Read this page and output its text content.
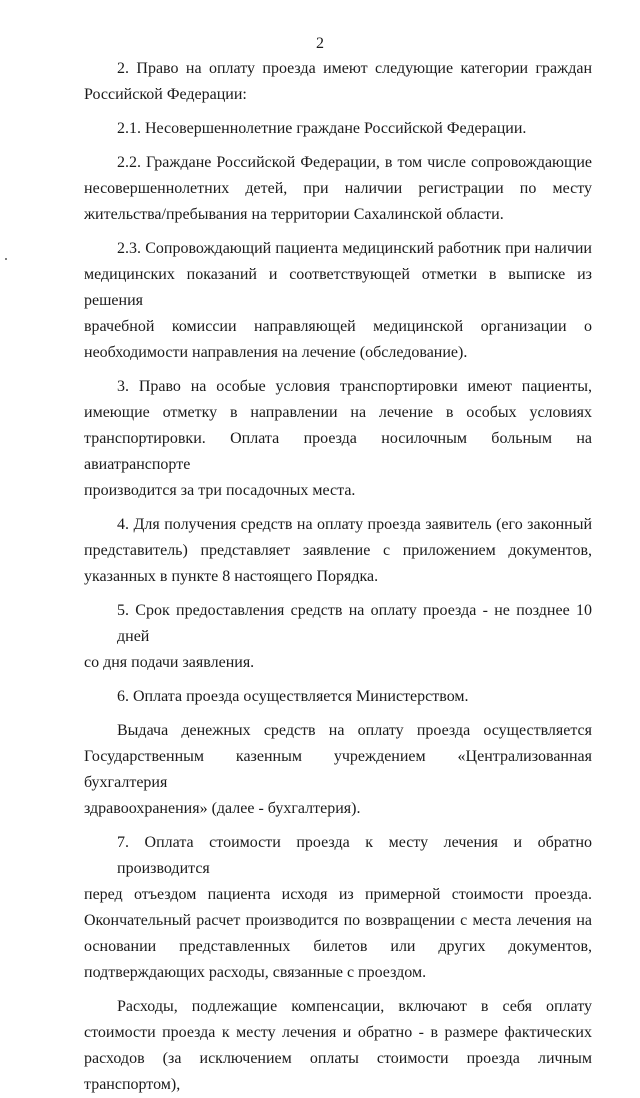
2

2. Право на оплату проезда имеют следующие категории граждан
Российской Федерации:

2.1. Несовершеннолетние граждане Российской Федерации.

2.2. Граждане Российской Федерации, в том числе сопровождающие
несовершеннолетних детей, при наличии регистрации по месту
жительства/пребывания на территории Сахалинской области.

2.3. Сопровождающий пациента медицинский работник при наличии
медицинских показаний и соответствующей отметки в выписке из решения
врачебной комиссии направляющей медицинской организации о
необходимости направления на лечение (обследование).

3. Право на особые условия транспортировки имеют пациенты,
имеющие отметку в направлении на лечение в особых условиях
транспортировки. Оплата проезда носилочным больным на авиатранспорте
производится за три посадочных места.

4. Для получения средств на оплату проезда заявитель (его законный
представитель) представляет заявление с приложением документов,
указанных в пункте 8 настоящего Порядка.

5. Срок предоставления средств на оплату проезда - не позднее 10 дней
со дня подачи заявления.

6. Оплата проезда осуществляется Министерством.

Выдача денежных средств на оплату проезда осуществляется
Государственным казенным учреждением «Централизованная бухгалтерия
здравоохранения» (далее - бухгалтерия).

7. Оплата стоимости проезда к месту лечения и обратно производится
перед отъездом пациента исходя из примерной стоимости проезда.
Окончательный расчет производится по возвращении с места лечения на
основании представленных билетов или других документов,
подтверждающих расходы, связанные с проездом.

Расходы, подлежащие компенсации, включают в себя оплату
стоимости проезда к месту лечения и обратно - в размере фактических
расходов (за исключением оплаты стоимости проезда личным транспортом),
